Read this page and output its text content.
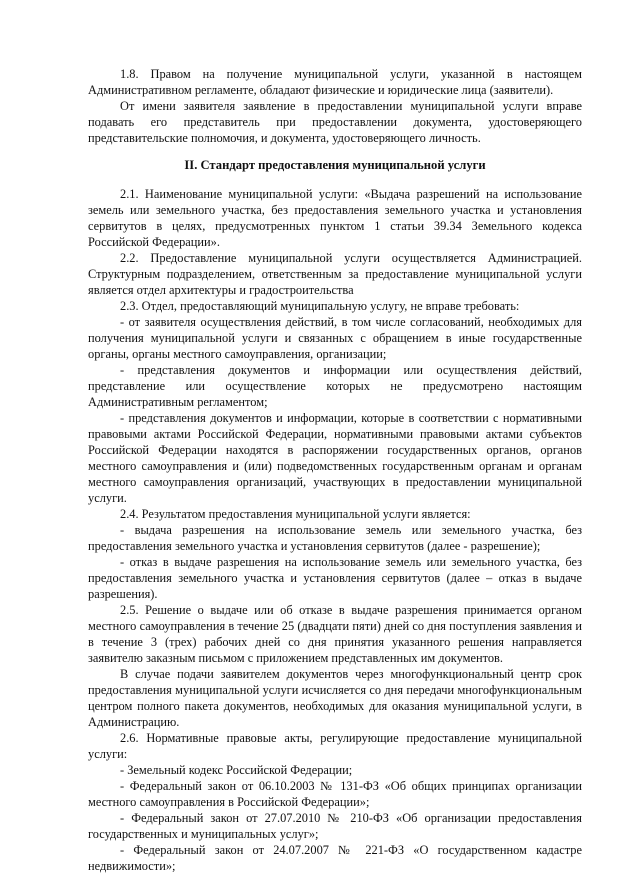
1.8. Правом на получение муниципальной услуги, указанной в настоящем Административном регламенте, обладают физические и юридические лица (заявители).

От имени заявителя заявление в предоставлении муниципальной услуги вправе подавать его представитель при предоставлении документа, удостоверяющего представительские полномочия, и документа, удостоверяющего личность.

II. Стандарт предоставления муниципальной услуги

2.1. Наименование муниципальной услуги: «Выдача разрешений на использование земель или земельного участка, без предоставления земельного участка и установления сервитутов в целях, предусмотренных пунктом 1 статьи 39.34 Земельного кодекса Российской Федерации».

2.2. Предоставление муниципальной услуги осуществляется Администрацией. Структурным подразделением, ответственным за предоставление муниципальной услуги является отдел архитектуры и градостроительства

2.3. Отдел, предоставляющий муниципальную услугу, не вправе требовать:

- от заявителя осуществления действий, в том числе согласований, необходимых для получения муниципальной услуги и связанных с обращением в иные государственные органы, органы местного самоуправления, организации;

- представления документов и информации или осуществления действий, представление или осуществление которых не предусмотрено настоящим Административным регламентом;

- представления документов и информации, которые в соответствии с нормативными правовыми актами Российской Федерации, нормативными правовыми актами субъектов Российской Федерации находятся в распоряжении государственных органов, органов местного самоуправления и (или) подведомственных государственным органам и органам местного самоуправления организаций, участвующих в предоставлении муниципальной услуги.

2.4. Результатом предоставления муниципальной услуги является:

- выдача разрешения на использование земель или земельного участка, без предоставления земельного участка и установления сервитутов (далее - разрешение);

- отказ в выдаче разрешения на использование земель или земельного участка, без предоставления земельного участка и установления сервитутов (далее – отказ в выдаче разрешения).

2.5. Решение о выдаче или об отказе в выдаче разрешения принимается органом местного самоуправления в течение 25 (двадцати пяти) дней со дня поступления заявления и в течение 3 (трех) рабочих дней со дня принятия указанного решения направляется заявителю заказным письмом с приложением представленных им документов.

В случае подачи заявителем документов через многофункциональный центр срок предоставления муниципальной услуги исчисляется со дня передачи многофункциональным центром полного пакета документов, необходимых для оказания муниципальной услуги, в Администрацию.

2.6. Нормативные правовые акты, регулирующие предоставление муниципальной услуги:

- Земельный кодекс Российской Федерации;

- Федеральный закон от 06.10.2003 № 131-ФЗ «Об общих принципах организации местного самоуправления в Российской Федерации»;

- Федеральный закон от 27.07.2010 № 210-ФЗ «Об организации предоставления государственных и муниципальных услуг»;

- Федеральный закон от 24.07.2007 № 221-ФЗ «О государственном кадастре недвижимости»;
